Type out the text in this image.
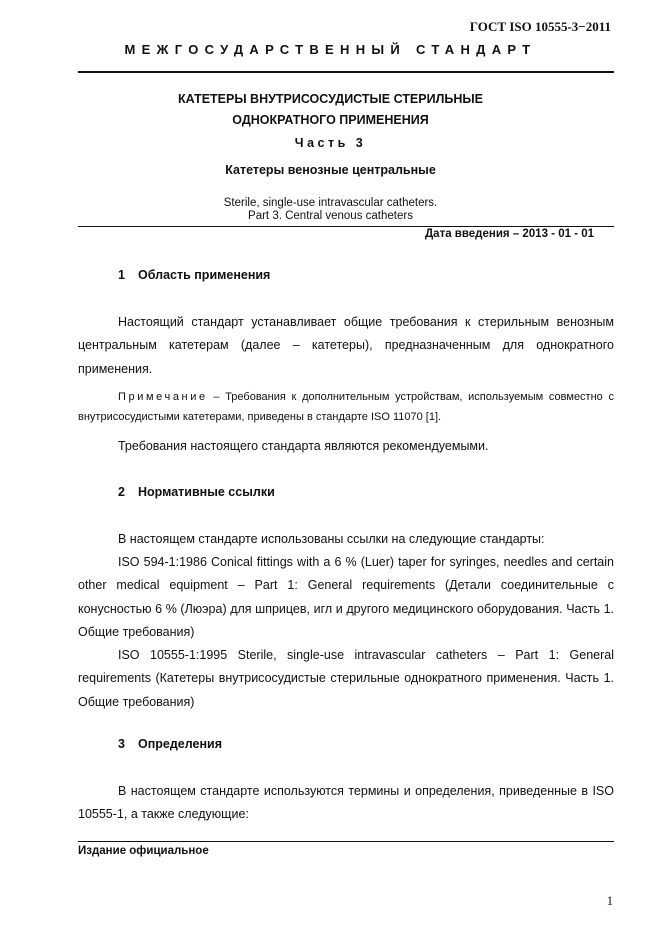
ГОСТ ISO 10555-3−2011
МЕЖГОСУДАРСТВЕННЫЙ СТАНДАРТ
КАТЕТЕРЫ ВНУТРИСОСУДИСТЫЕ СТЕРИЛЬНЫЕ
ОДНОКРАТНОГО ПРИМЕНЕНИЯ
Часть 3
Катетеры венозные центральные
Sterile, single-use intravascular catheters.
Part 3. Central venous catheters
Дата введения – 2013 - 01 - 01
1 Область применения
Настоящий стандарт устанавливает общие требования к стерильным венозным центральным катетерам (далее – катетеры), предназначенным для однократного применения.
Примечание – Требования к дополнительным устройствам, используемым совместно с внутрисосудистыми катетерами, приведены в стандарте ISO 11070 [1].
Требования настоящего стандарта являются рекомендуемыми.
2 Нормативные ссылки
В настоящем стандарте использованы ссылки на следующие стандарты:
ISO 594-1:1986 Conical fittings with a 6 % (Luer) taper for syringes, needles and certain other medical equipment – Part 1: General requirements (Детали соединительные с конусностью 6 % (Люэра) для шприцев, игл и другого медицинского оборудования. Часть 1. Общие требования)
ISO 10555-1:1995 Sterile, single-use intravascular catheters – Part 1: General requirements (Катетеры внутрисосудистые стерильные однократного применения. Часть 1. Общие требования)
3 Определения
В настоящем стандарте используются термины и определения, приведенные в ISO 10555-1, а также следующие:
Издание официальное
1
